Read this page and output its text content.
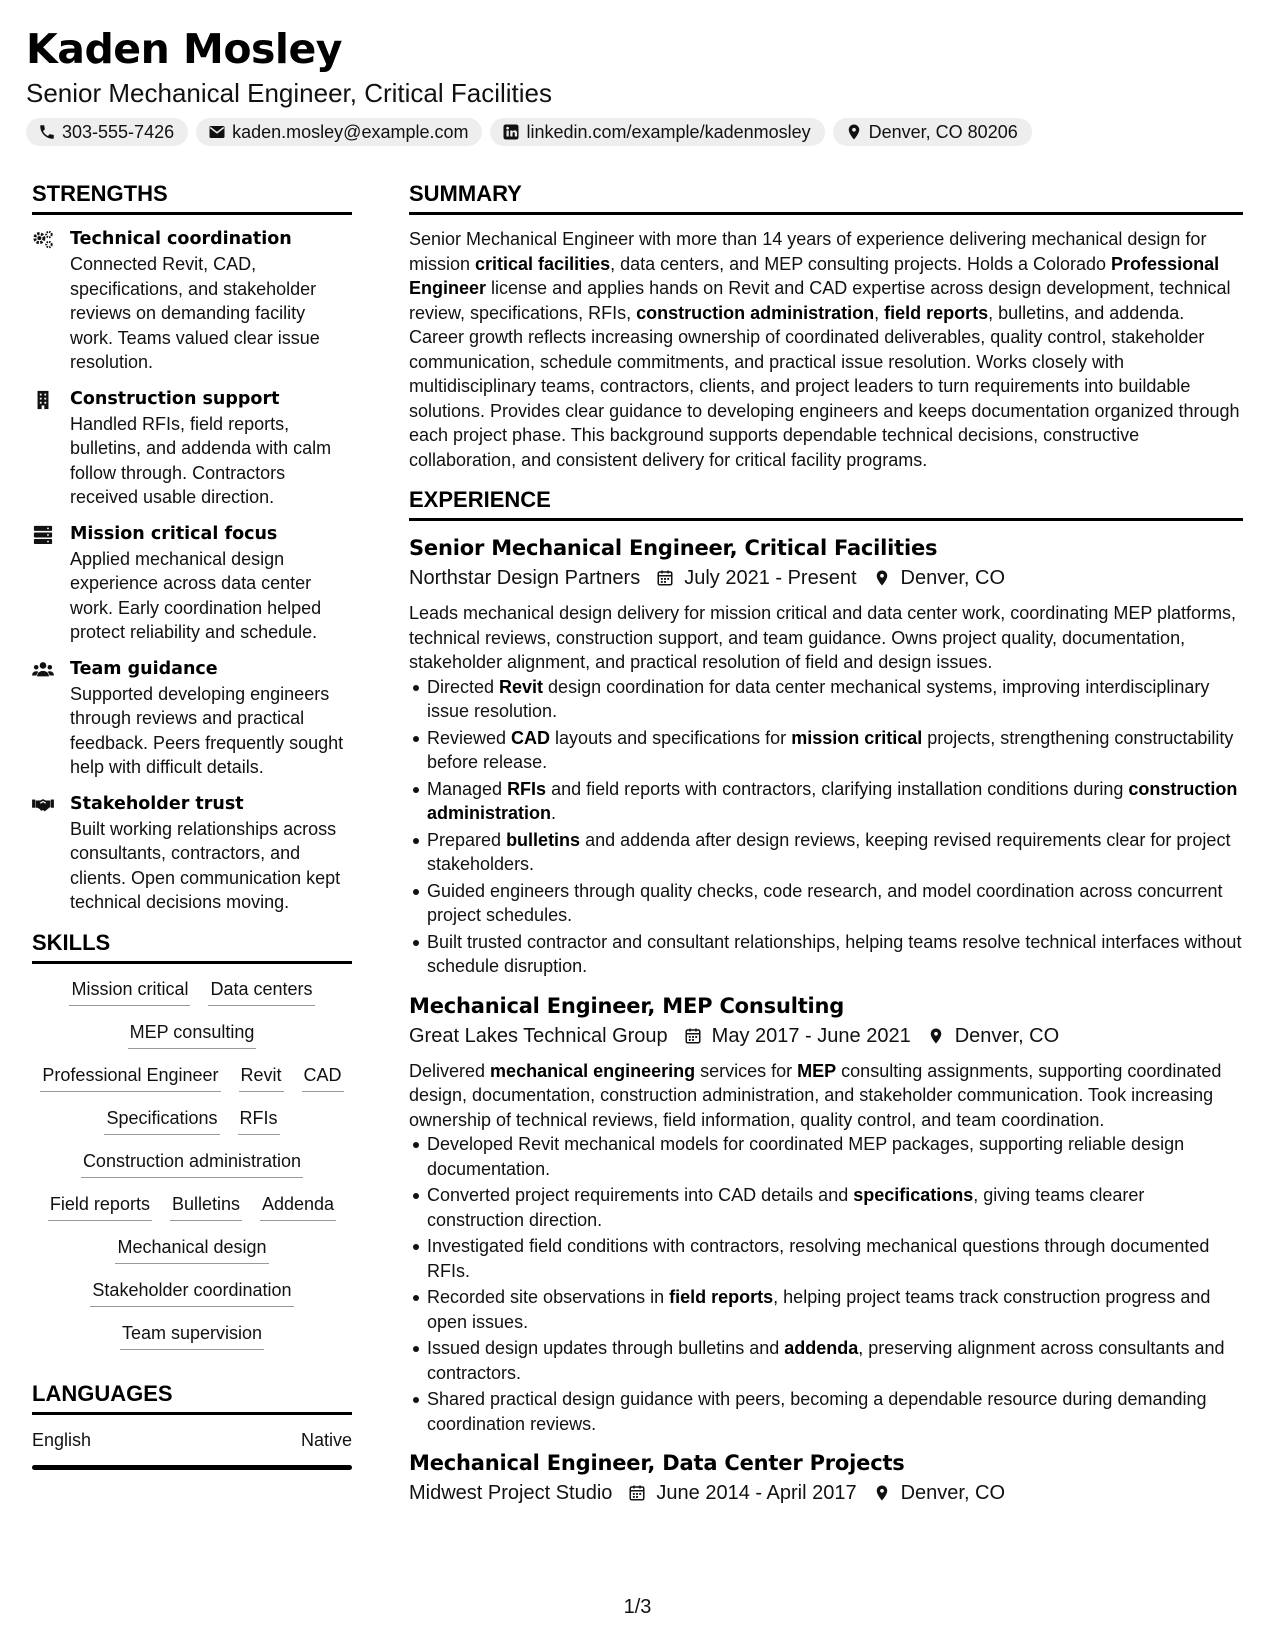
Kaden Mosley
Senior Mechanical Engineer, Critical Facilities
303-555-7426	kaden.mosley@example.com	linkedin.com/example/kadenmosley	Denver, CO 80206
STRENGTHS
Technical coordination
Connected Revit, CAD, specifications, and stakeholder reviews on demanding facility work. Teams valued clear issue resolution.
Construction support
Handled RFIs, field reports, bulletins, and addenda with calm follow through. Contractors received usable direction.
Mission critical focus
Applied mechanical design experience across data center work. Early coordination helped protect reliability and schedule.
Team guidance
Supported developing engineers through reviews and practical feedback. Peers frequently sought help with difficult details.
Stakeholder trust
Built working relationships across consultants, contractors, and clients. Open communication kept technical decisions moving.
SKILLS
Mission critical Data centers
MEP consulting
Professional Engineer Revit CAD
Specifications RFIs
Construction administration
Field reports Bulletins Addenda
Mechanical design
Stakeholder coordination
Team supervision
LANGUAGES
English	Native
SUMMARY
Senior Mechanical Engineer with more than 14 years of experience delivering mechanical design for mission critical facilities, data centers, and MEP consulting projects. Holds a Colorado Professional Engineer license and applies hands on Revit and CAD expertise across design development, technical review, specifications, RFIs, construction administration, field reports, bulletins, and addenda. Career growth reflects increasing ownership of coordinated deliverables, quality control, stakeholder communication, schedule commitments, and practical issue resolution. Works closely with multidisciplinary teams, contractors, clients, and project leaders to turn requirements into buildable solutions. Provides clear guidance to developing engineers and keeps documentation organized through each project phase. This background supports dependable technical decisions, constructive collaboration, and consistent delivery for critical facility programs.
EXPERIENCE
Senior Mechanical Engineer, Critical Facilities
Northstar Design Partners July 2021 - Present Denver, CO
Leads mechanical design delivery for mission critical and data center work, coordinating MEP platforms, technical reviews, construction support, and team guidance. Owns project quality, documentation, stakeholder alignment, and practical resolution of field and design issues.
Directed Revit design coordination for data center mechanical systems, improving interdisciplinary issue resolution.
Reviewed CAD layouts and specifications for mission critical projects, strengthening constructability before release.
Managed RFIs and field reports with contractors, clarifying installation conditions during construction administration.
Prepared bulletins and addenda after design reviews, keeping revised requirements clear for project stakeholders.
Guided engineers through quality checks, code research, and model coordination across concurrent project schedules.
Built trusted contractor and consultant relationships, helping teams resolve technical interfaces without schedule disruption.
Mechanical Engineer, MEP Consulting
Great Lakes Technical Group May 2017 - June 2021 Denver, CO
Delivered mechanical engineering services for MEP consulting assignments, supporting coordinated design, documentation, construction administration, and stakeholder communication. Took increasing ownership of technical reviews, field information, quality control, and team coordination.
Developed Revit mechanical models for coordinated MEP packages, supporting reliable design documentation.
Converted project requirements into CAD details and specifications, giving teams clearer construction direction.
Investigated field conditions with contractors, resolving mechanical questions through documented RFIs.
Recorded site observations in field reports, helping project teams track construction progress and open issues.
Issued design updates through bulletins and addenda, preserving alignment across consultants and contractors.
Shared practical design guidance with peers, becoming a dependable resource during demanding coordination reviews.
Mechanical Engineer, Data Center Projects
Midwest Project Studio June 2014 - April 2017 Denver, CO
1/3
